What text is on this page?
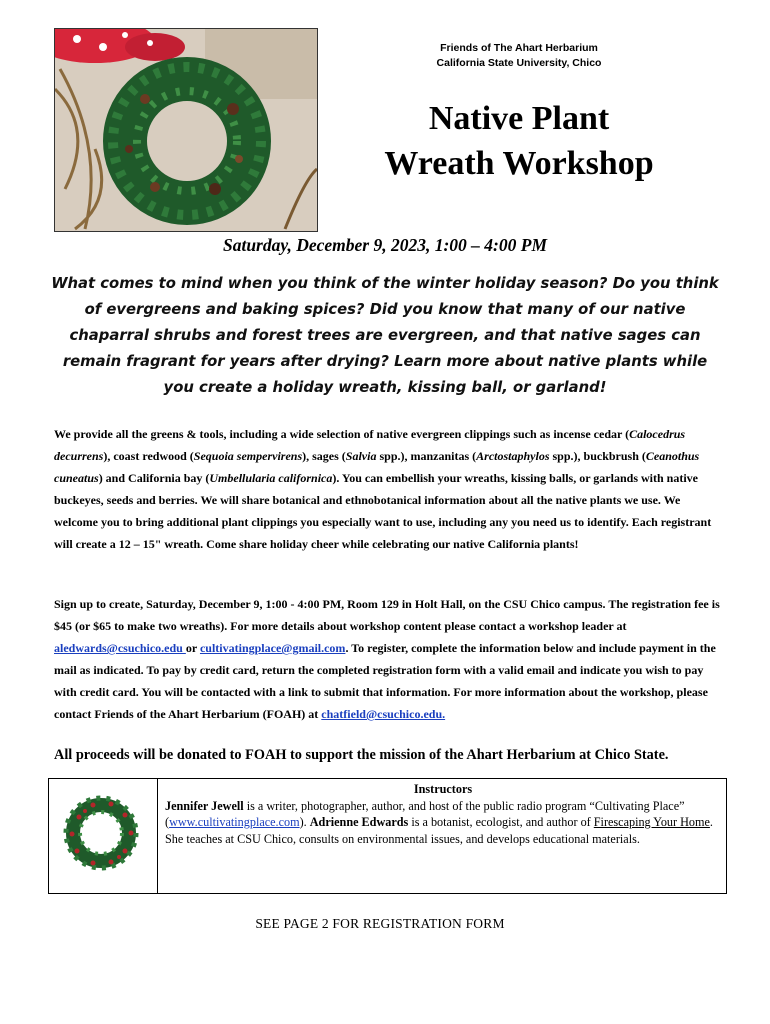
Friends of The Ahart Herbarium
California State University, Chico
Native Plant
Wreath Workshop
Saturday, December 9, 2023, 1:00 – 4:00 PM
What comes to mind when you think of the winter holiday season? Do you think of evergreens and baking spices? Did you know that many of our native chaparral shrubs and forest trees are evergreen, and that native sages can remain fragrant for years after drying? Learn more about native plants while you create a holiday wreath, kissing ball, or garland!
We provide all the greens & tools, including a wide selection of native evergreen clippings such as incense cedar (Calocedrus decurrens), coast redwood (Sequoia sempervirens), sages (Salvia spp.), manzanitas (Arctostaphylos spp.), buckbrush (Ceanothus cuneatus) and California bay (Umbellularia californica). You can embellish your wreaths, kissing balls, or garlands with native buckeyes, seeds and berries. We will share botanical and ethnobotanical information about all the native plants we use. We welcome you to bring additional plant clippings you especially want to use, including any you need us to identify. Each registrant will create a 12 – 15" wreath. Come share holiday cheer while celebrating our native California plants!
Sign up to create, Saturday, December 9, 1:00 - 4:00 PM, Room 129 in Holt Hall, on the CSU Chico campus. The registration fee is $45 (or $65 to make two wreaths). For more details about workshop content please contact a workshop leader at aledwards@csuchico.edu or cultivatingplace@gmail.com. To register, complete the information below and include payment in the mail as indicated. To pay by credit card, return the completed registration form with a valid email and indicate you wish to pay with credit card. You will be contacted with a link to submit that information. For more information about the workshop, please contact Friends of the Ahart Herbarium (FOAH) at chatfield@csuchico.edu.
All proceeds will be donated to FOAH to support the mission of the Ahart Herbarium at Chico State.
Instructors
Jennifer Jewell is a writer, photographer, author, and host of the public radio program “Cultivating Place” (www.cultivatingplace.com). Adrienne Edwards is a botanist, ecologist, and author of Firescaping Your Home. She teaches at CSU Chico, consults on environmental issues, and develops educational materials.
SEE PAGE 2 FOR REGISTRATION FORM
